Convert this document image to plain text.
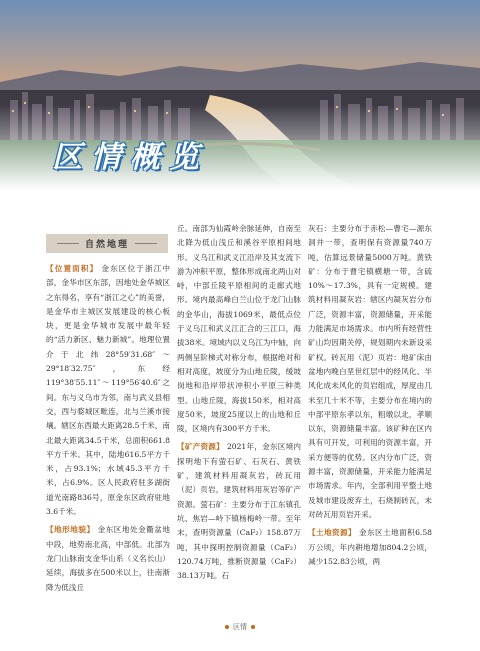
区情概览
自然地理

【位置面积】 金东区位于浙江中部，金华市区东部，因地处金华城区之东得名，享有“浙江之心”的美誉，是金华市主城区发展建设的核心板块，更是金华城市发展中最年轻的“活力新区、魅力新城”。地理位置介于北纬28°59′31.68″～29°18′32.75″，东经119°38′55.11″～119°56′40.6″之间。东与义乌市为邻，南与武义县相交，西与婺城区毗连，北与兰溪市接壤。辖区东西最大距离28.5千米，南北最大距离34.5千米，总面积661.8平方千米。其中，陆地616.5平方千米，占93.1%；水域45.3平方千米，占6.9%。区人民政府驻多湖街道光南路836号，原金东区政府驻地3.6千米。

【地形地貌】 金东区地处金衢盆地中段，地势南北高，中部低。北部为龙门山脉南支金华山系（义名长山）延续，海拔多在500米以上，往南渐降为低浅丘

丘。南部为仙霞岭余脉延伸，自南至北降为低山浅丘和溪谷平原相间地形。义乌江和武义江沿岸及其支流下游为冲积平原，整体形成南北两山对峙，中部丘陵平原相间的走廊式地形。境内最高峰白兰山位于龙门山脉的金华山，海拔1069米，最低点位于义乌江和武义江汇合的三江口，海拔38米。境域内以义乌江为中轴，向两侧呈阶梯式对称分布，根据绝对和相对高度，坡度分为山地丘陵，缓坡岗地和沿岸带状冲积小平原三种类型。山地丘陵，海拔150米，相对高度50米，坡度25度以上的山地和丘陵，区境内有300平方千米。

【矿产资源】 2021年，金东区境内探明地下有萤石矿、石灰石、黄铁矿，建筑材料用凝灰岩，砖瓦用（泥）页岩，建筑材料用灰岩等矿产资源。萤石矿：主要分布于江东镇孔坑、焦岩—岭下镇杨梅岭一带。至年末，查明资源量（CaF₂）158.87万吨，其中探明控制资源量（CaF₂）120.74万吨，推断资源量（CaF₂）38.13万吨。石

灰石：主要分布于赤松—曹宅—源东洞井一带，查明保有资源量740万吨，估算远景储量5000万吨。黄铁矿：分布于曹宅镇横塘一带，含硫10%～17.3%，具有一定规模。建筑材料用凝灰岩：辖区内凝灰岩分布广泛，资源丰富，资源储量，开采能力能满足市场需求。市内所有经营性矿山均因期关停，规划期内未新设采矿权。砖瓦用（泥）页岩：地矿床由盆地内晚白垩世红层中的经风化、半风化成未风化的页岩组成，厚度由几米至几十米不等，主要分布在境内的中部平原东孝以东，粗墩以北，孝顺以东，资源储量丰富。该矿种在区内具有可开发，可利用的资源丰富，开采方便等的优势。区内分布广泛，资源丰富，资源储量，开采能力能满足市场需求。年内，全部利用平整土地及城市建设废弃土，石烧制砖瓦，未对砖瓦用页岩开采。

【土地资源】 金东区土地面积6.58万公顷，年内耕地增加804.2公顷，减少152.83公顷，两

区情
